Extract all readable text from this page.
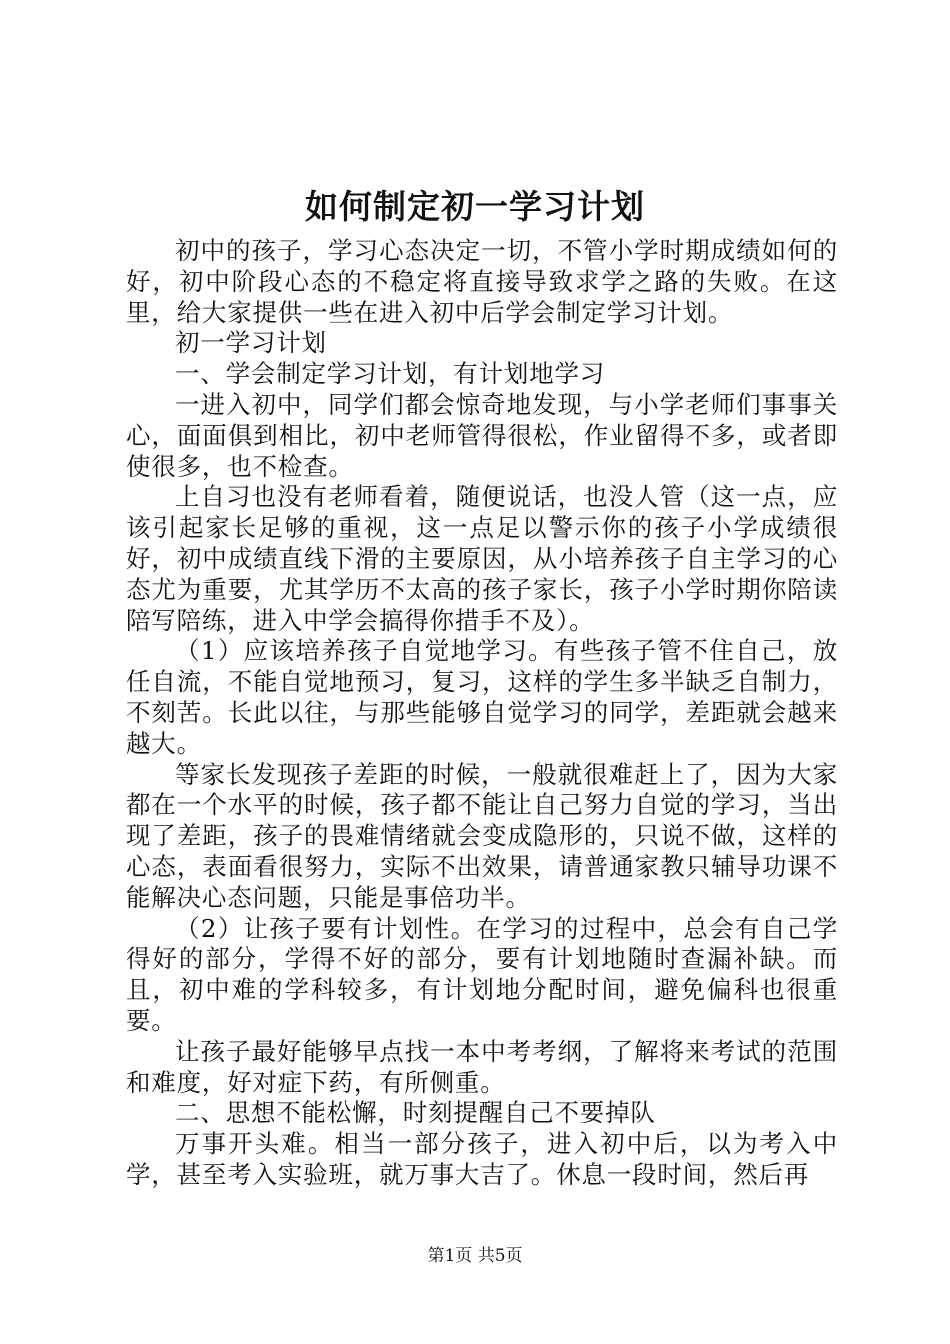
如何制定初一学习计划

初中的孩子，学习心态决定一切，不管小学时期成绩如何的好，初中阶段心态的不稳定将直接导致求学之路的失败。在这里，给大家提供一些在进入初中后学会制定学习计划。

初一学习计划

一、学会制定学习计划，有计划地学习

一进入初中，同学们都会惊奇地发现，与小学老师们事事关心，面面俱到相比，初中老师管得很松，作业留得不多，或者即使很多，也不检查。

上自习也没有老师看着，随便说话，也没人管（这一点，应该引起家长足够的重视，这一点足以警示你的孩子小学成绩很好，初中成绩直线下滑的主要原因，从小培养孩子自主学习的心态尤为重要，尤其学历不太高的孩子家长，孩子小学时期你陪读陪写陪练，进入中学会搞得你措手不及）。

（1）应该培养孩子自觉地学习。有些孩子管不住自己，放任自流，不能自觉地预习，复习，这样的学生多半缺乏自制力，不刻苦。长此以往，与那些能够自觉学习的同学，差距就会越来越大。

等家长发现孩子差距的时候，一般就很难赶上了，因为大家都在一个水平的时候，孩子都不能让自己努力自觉的学习，当出现了差距，孩子的畏难情绪就会变成隐形的，只说不做，这样的心态，表面看很努力，实际不出效果，请普通家教只辅导功课不能解决心态问题，只能是事倍功半。

（2）让孩子要有计划性。在学习的过程中，总会有自己学得好的部分，学得不好的部分，要有计划地随时查漏补缺。而且，初中难的学科较多，有计划地分配时间，避免偏科也很重要。

让孩子最好能够早点找一本中考考纲，了解将来考试的范围和难度，好对症下药，有所侧重。

二、思想不能松懈，时刻提醒自己不要掉队

万事开头难。相当一部分孩子，进入初中后，以为考入中学，甚至考入实验班，就万事大吉了。休息一段时间，然后再

第1页 共5页
